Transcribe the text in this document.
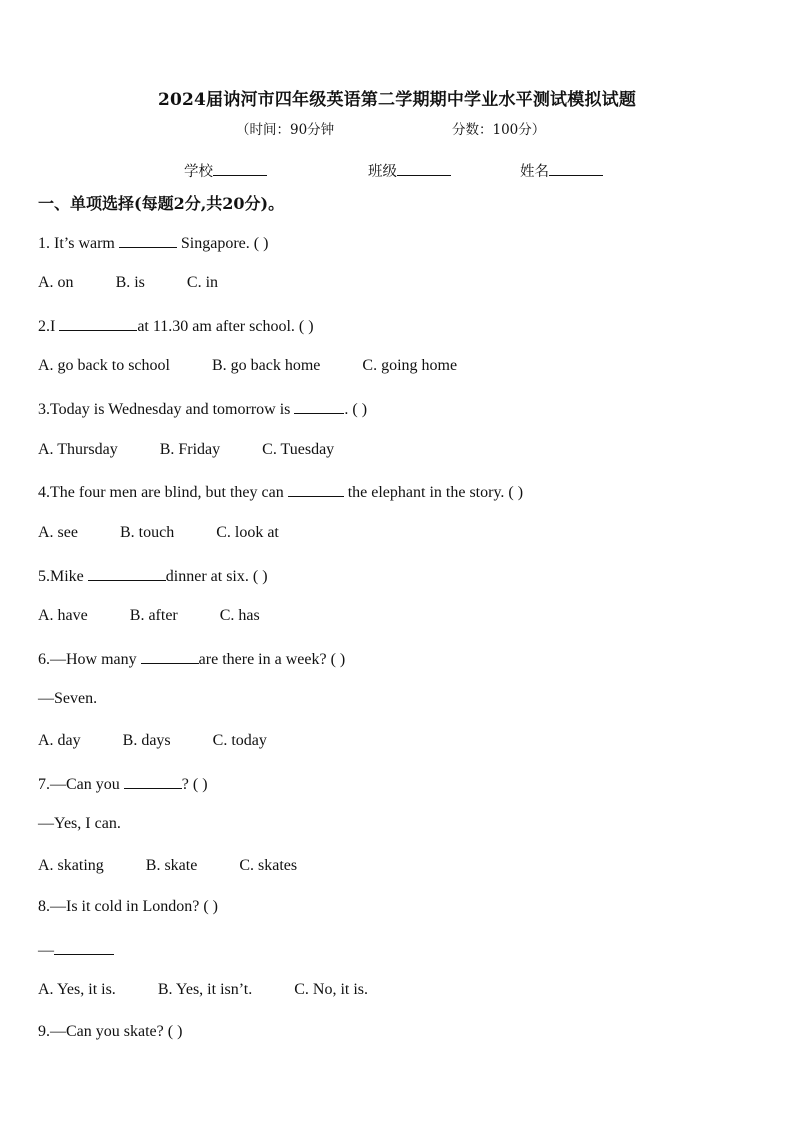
2024届讷河市四年级英语第二学期期中学业水平测试模拟试题
（时间：90分钟	分数：100分）
学校	班级	姓名
一、单项选择(每题2分,共20分)。
1. It’s warm	Singapore. ( )
A. on	B. is	C. in
2.I	at 11.30 am after school. ( )
A. go back to school	B. go back home	C. going home
3.Today is Wednesday and tomorrow is	. ( )
A. Thursday	B. Friday	C. Tuesday
4.The four men are blind, but they can	the elephant in the story. ( )
A. see	B. touch	C. look at
5.Mike	dinner at six. ( )
A. have	B. after	C. has
6.—How many	are there in a week? ( )
—Seven.
A. day	B. days	C. today
7.—Can you	? ( )
—Yes, I can.
A. skating	B. skate	C. skates
8.—Is it cold in London? ( )
—
A. Yes, it is.	B. Yes, it isn’t.	C. No, it is.
9.—Can you skate? ( )
